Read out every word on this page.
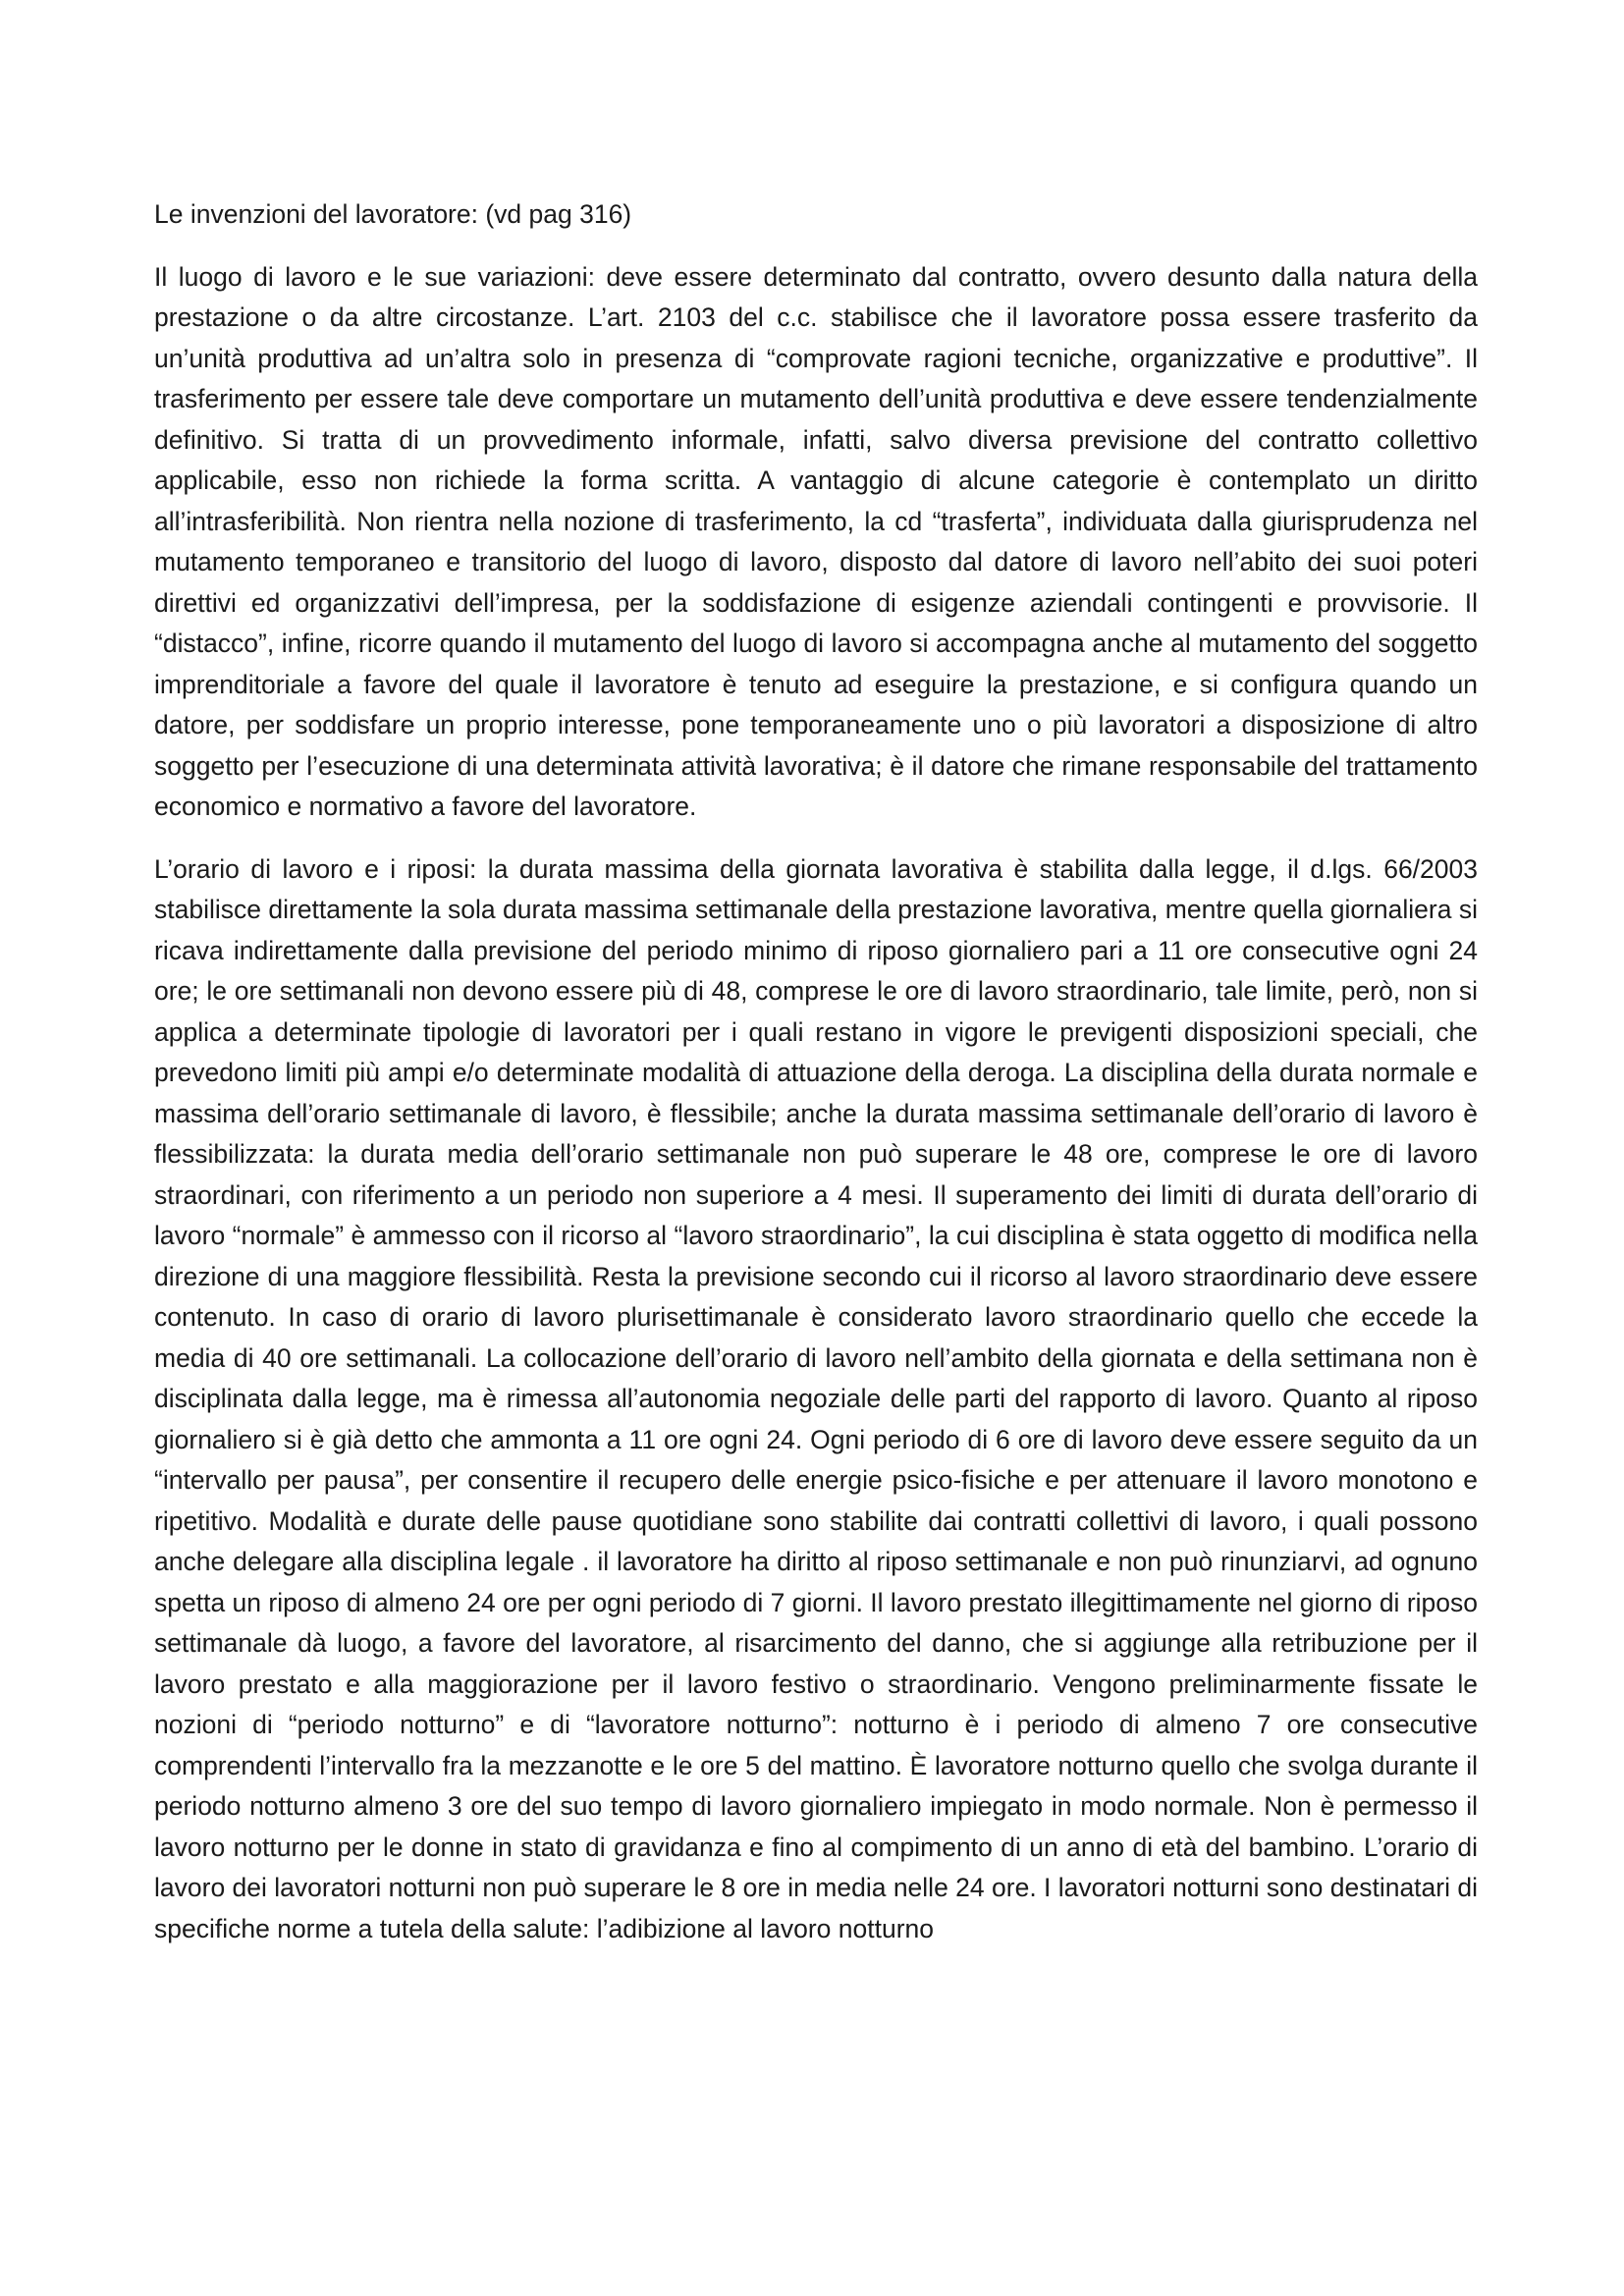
Le invenzioni del lavoratore: (vd pag 316)

Il luogo di lavoro e le sue variazioni: deve essere determinato dal contratto, ovvero desunto dalla natura della prestazione o da altre circostanze. L’art. 2103 del c.c. stabilisce che il lavoratore possa essere trasferito da un’unità produttiva ad un’altra solo in presenza di “comprovate ragioni tecniche, organizzative e produttive”. Il trasferimento per essere tale deve comportare un mutamento dell’unità produttiva e deve essere tendenzialmente definitivo. Si tratta di un provvedimento informale, infatti, salvo diversa previsione del contratto collettivo applicabile, esso non richiede la forma scritta. A vantaggio di alcune categorie è contemplato un diritto all’intrasferibilità. Non rientra nella nozione di trasferimento, la cd “trasferta”, individuata dalla giurisprudenza nel mutamento temporaneo e transitorio del luogo di lavoro, disposto dal datore di lavoro nell’abito dei suoi poteri direttivi ed organizzativi dell’impresa, per la soddisfazione di esigenze aziendali contingenti e provvisorie. Il “distacco”, infine, ricorre quando il mutamento del luogo di lavoro si accompagna anche al mutamento del soggetto imprenditoriale a favore del quale il lavoratore è tenuto ad eseguire la prestazione, e si configura quando un datore, per soddisfare un proprio interesse, pone temporaneamente uno o più lavoratori a disposizione di altro soggetto per l’esecuzione di una determinata attività lavorativa; è il datore che rimane responsabile del trattamento economico e normativo a favore del lavoratore.

L’orario di lavoro e i riposi: la durata massima della giornata lavorativa è stabilita dalla legge, il d.lgs. 66/2003 stabilisce direttamente la sola durata massima settimanale della prestazione lavorativa, mentre quella giornaliera si ricava indirettamente dalla previsione del periodo minimo di riposo giornaliero pari a 11 ore consecutive ogni 24 ore; le ore settimanali non devono essere più di 48, comprese le ore di lavoro straordinario, tale limite, però, non si applica a determinate tipologie di lavoratori per i quali restano in vigore le previgenti disposizioni speciali, che prevedono limiti più ampi e/o determinate modalità di attuazione della deroga. La disciplina della durata normale e massima dell’orario settimanale di lavoro, è flessibile; anche la durata massima settimanale dell’orario di lavoro è flessibilizzata: la durata media dell’orario settimanale non può superare le 48 ore, comprese le ore di lavoro straordinari, con riferimento a un periodo non superiore a 4 mesi. Il superamento dei limiti di durata dell’orario di lavoro “normale” è ammesso con il ricorso al “lavoro straordinario”, la cui disciplina è stata oggetto di modifica nella direzione di una maggiore flessibilità. Resta la previsione secondo cui il ricorso al lavoro straordinario deve essere contenuto. In caso di orario di lavoro plurisettimanale è considerato lavoro straordinario quello che eccede la media di 40 ore settimanali. La collocazione dell’orario di lavoro nell’ambito della giornata e della settimana non è disciplinata dalla legge, ma è rimessa all’autonomia negoziale delle parti del rapporto di lavoro. Quanto al riposo giornaliero si è già detto che ammonta a 11 ore ogni 24. Ogni periodo di 6 ore di lavoro deve essere seguito da un “intervallo per pausa”, per consentire il recupero delle energie psico-fisiche e per attenuare il lavoro monotono e ripetitivo. Modalità e durate delle pause quotidiane sono stabilite dai contratti collettivi di lavoro, i quali possono anche delegare alla disciplina legale . il lavoratore ha diritto al riposo settimanale e non può rinunziarvi, ad ognuno spetta un riposo di almeno 24 ore per ogni periodo di 7 giorni. Il lavoro prestato illegittimamente nel giorno di riposo settimanale dà luogo, a favore del lavoratore, al risarcimento del danno, che si aggiunge alla retribuzione per il lavoro prestato e alla maggiorazione per il lavoro festivo o straordinario. Vengono preliminarmente fissate le nozioni di “periodo notturno” e di “lavoratore notturno”: notturno è i periodo di almeno 7 ore consecutive comprendenti l’intervallo fra la mezzanotte e le ore 5 del mattino. È lavoratore notturno quello che svolga durante il periodo notturno almeno 3 ore del suo tempo di lavoro giornaliero impiegato in modo normale. Non è permesso il lavoro notturno per le donne in stato di gravidanza e fino al compimento di un anno di età del bambino. L’orario di lavoro dei lavoratori notturni non può superare le 8 ore in media nelle 24 ore. I lavoratori notturni sono destinatari di specifiche norme a tutela della salute: l’adibizione al lavoro notturno
